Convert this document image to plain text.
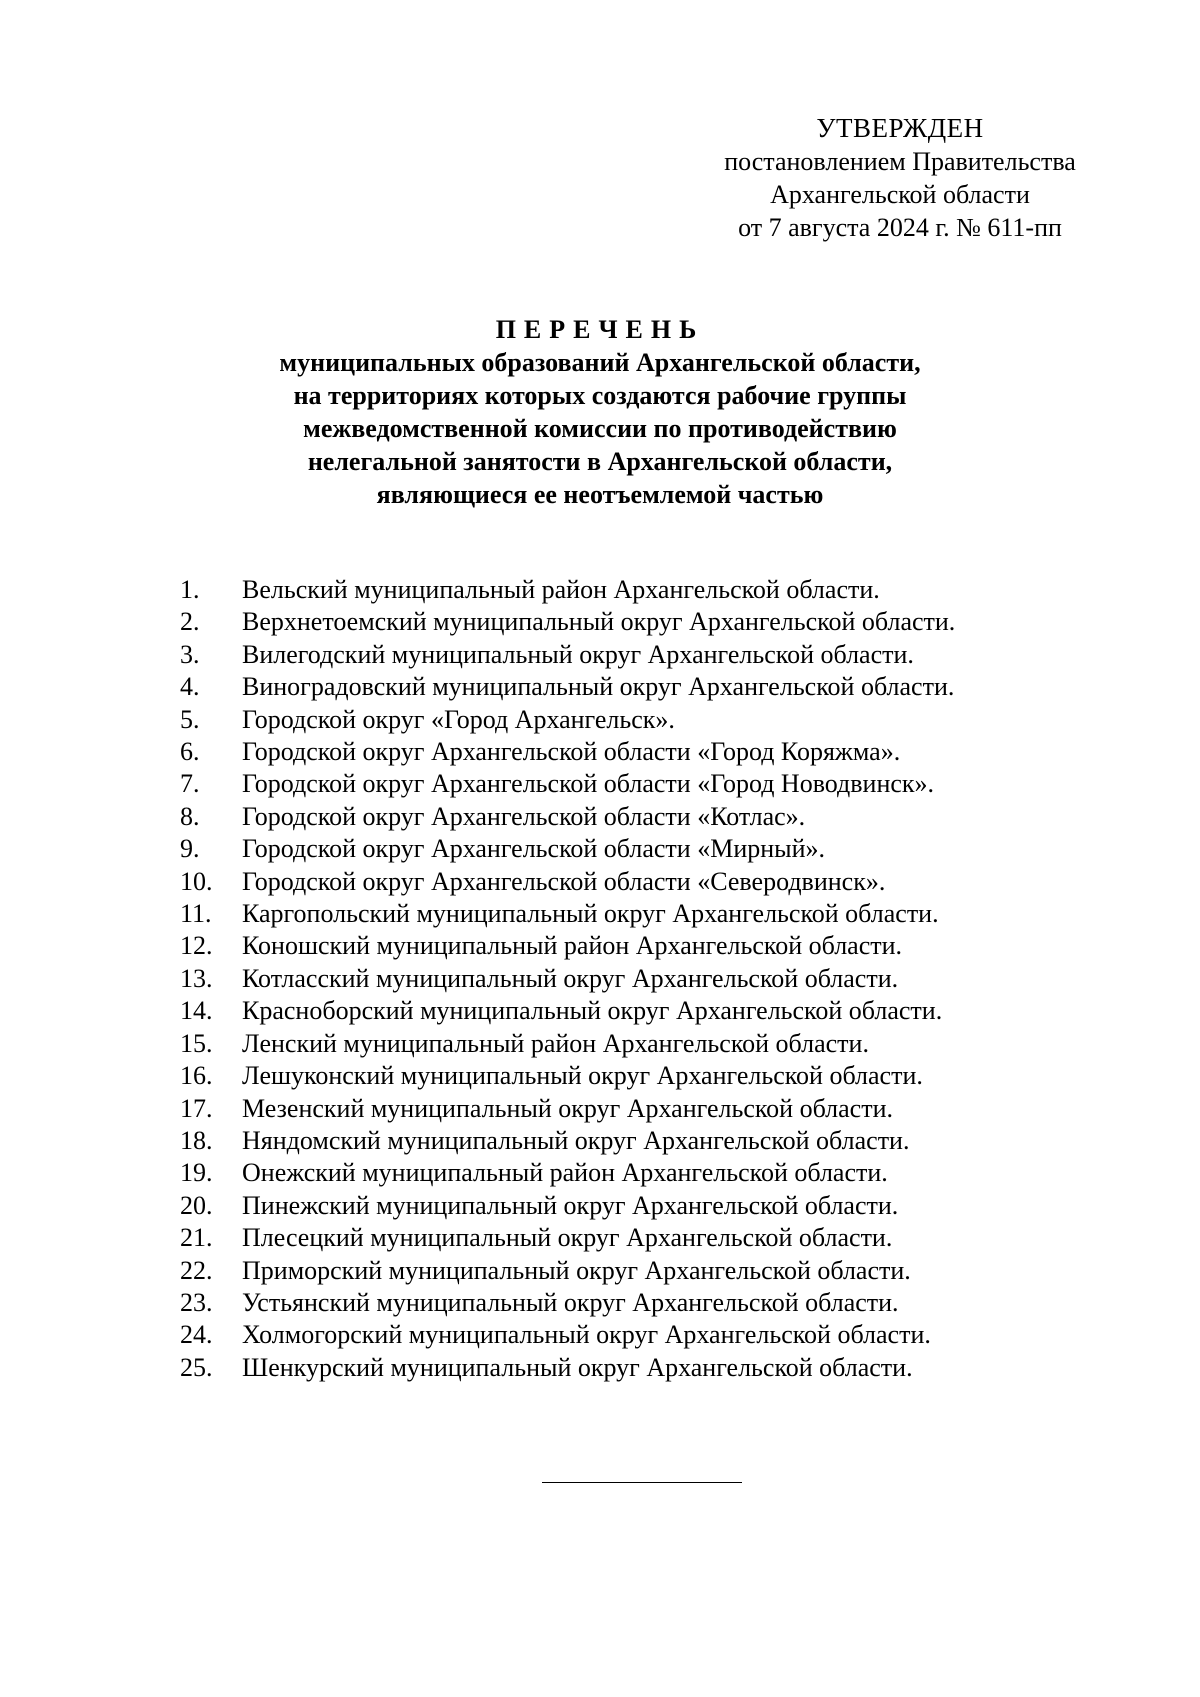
УТВЕРЖДЕН
постановлением Правительства
Архангельской области
от 7 августа 2024 г. № 611-пп
ПЕРЕЧЕНЬ
муниципальных образований Архангельской области,
на территориях которых создаются рабочие группы
межведомственной комиссии по противодействию
нелегальной занятости в Архангельской области,
являющиеся ее неотъемлемой частью
1.	Вельский муниципальный район Архангельской области.
2.	Верхнетоемский муниципальный округ Архангельской области.
3.	Вилегодский муниципальный округ Архангельской области.
4.	Виноградовский муниципальный округ Архангельской области.
5.	Городской округ «Город Архангельск».
6.	Городской округ Архангельской области «Город Коряжма».
7.	Городской округ Архангельской области «Город Новодвинск».
8.	Городской округ Архангельской области «Котлас».
9.	Городской округ Архангельской области «Мирный».
10.	Городской округ Архангельской области «Северодвинск».
11.	Каргопольский муниципальный округ Архангельской области.
12.	Коношский муниципальный район Архангельской области.
13.	Котласский муниципальный округ Архангельской области.
14.	Красноборский муниципальный округ Архангельской области.
15.	Ленский муниципальный район Архангельской области.
16.	Лешуконский муниципальный округ Архангельской области.
17.	Мезенский муниципальный округ Архангельской области.
18.	Няндомский муниципальный округ Архангельской области.
19.	Онежский муниципальный район Архангельской области.
20.	Пинежский муниципальный округ Архангельской области.
21.	Плесецкий муниципальный округ Архангельской области.
22.	Приморский муниципальный округ Архангельской области.
23.	Устьянский муниципальный округ Архангельской области.
24.	Холмогорский муниципальный округ Архангельской области.
25.	Шенкурский муниципальный округ Архангельской области.
